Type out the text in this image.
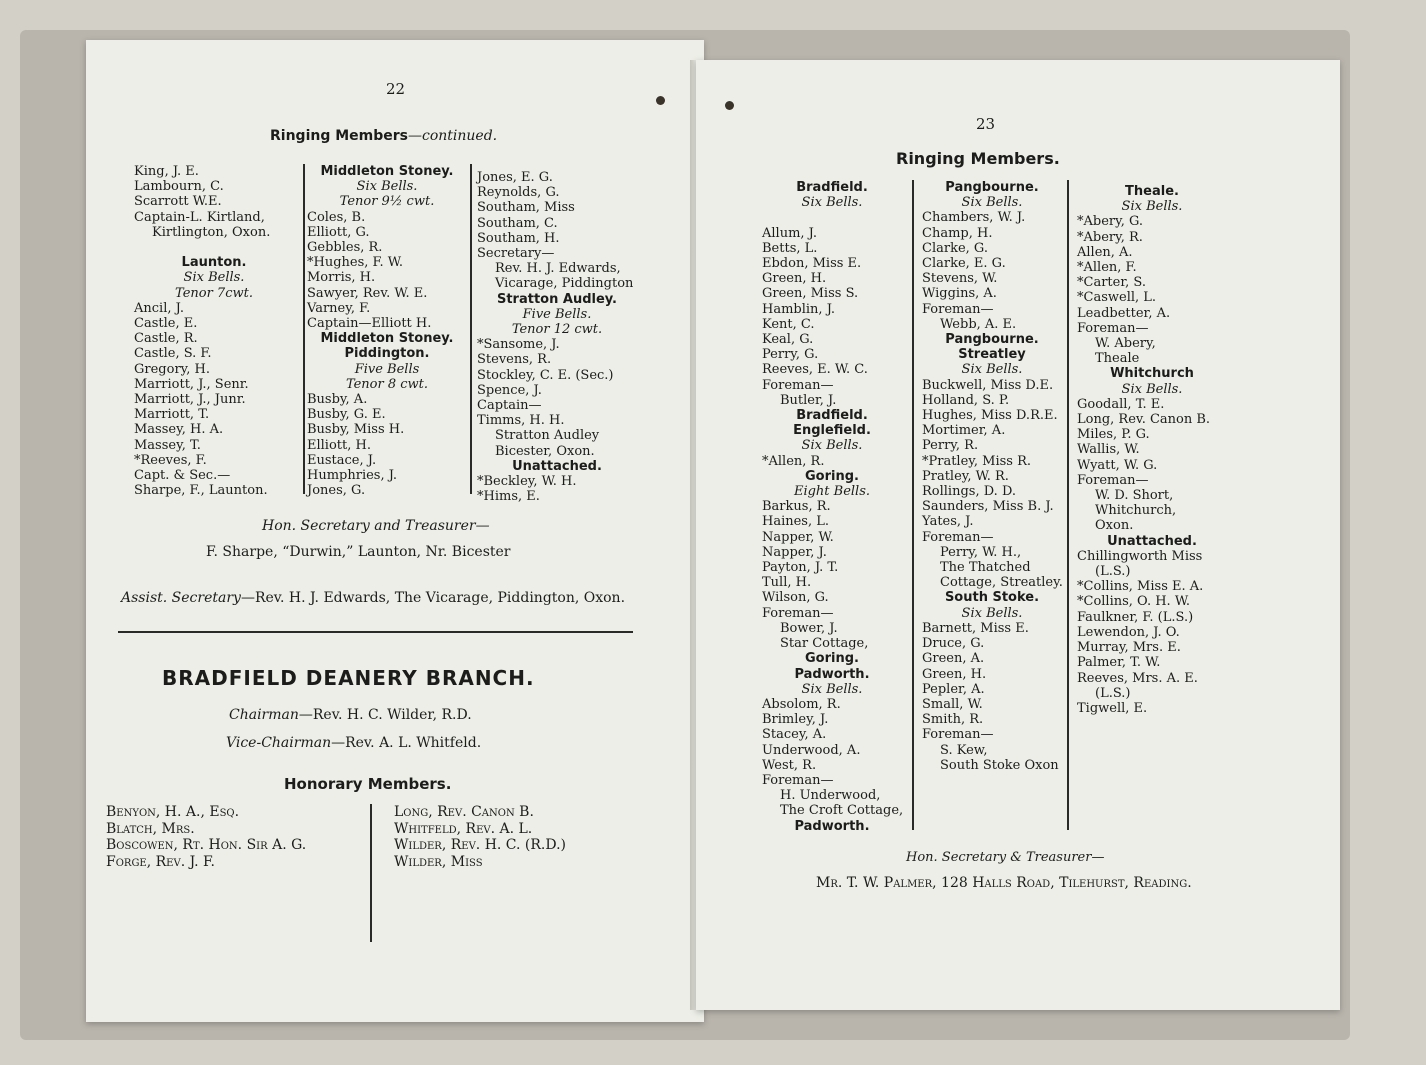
22
Ringing Members—continued.
King, J. E.
Lambourn, C.
Scarrott W.E.
Captain-L. Kirtland,
Kirtlington, Oxon.

Launton.
Six Bells.
Tenor 7cwt.
Ancil, J.
Castle, E.
Castle, R.
Castle, S. F.
Gregory, H.
Marriott, J., Senr.
Marriott, J., Junr.
Marriott, T.
Massey, H. A.
Massey, T.
*Reeves, F.
Capt. & Sec.—
Sharpe, F., Launton.
Middleton Stoney.
Six Bells.
Tenor 9½ cwt.
Coles, B.
Elliott, G.
Gebbles, R.
*Hughes, F. W.
Morris, H.
Sawyer, Rev. W. E.
Varney, F.
Captain—Elliott H.
Middleton Stoney.
Piddington.
Five Bells
Tenor 8 cwt.
Busby, A.
Busby, G. E.
Busby, Miss H.
Elliott, H.
Eustace, J.
Humphries, J.
Jones, G.
Jones, E. G.
Reynolds, G.
Southam, Miss
Southam, C.
Southam, H.
Secretary—
Rev. H. J. Edwards,
Vicarage, Piddington
Stratton Audley.
Five Bells.
Tenor 12 cwt.
*Sansome, J.
Stevens, R.
Stockley, C. E. (Sec.)
Spence, J.
Captain—
Timms, H. H.
Stratton Audley
Bicester, Oxon.
Unattached.
*Beckley, W. H.
*Hims, E.
Hon. Secretary and Treasurer—
F. Sharpe, “Durwin,” Launton, Nr. Bicester
Assist. Secretary—Rev. H. J. Edwards, The Vicarage, Piddington, Oxon.
BRADFIELD DEANERY BRANCH.
Chairman—Rev. H. C. Wilder, R.D.
Vice-Chairman—Rev. A. L. Whitfeld.
Honorary Members.
Benyon, H. A., Esq.
Blatch, Mrs.
Boscowen, Rt. Hon. Sir A. G.
Forge, Rev. J. F.
Long, Rev. Canon B.
Whitfeld, Rev. A. L.
Wilder, Rev. H. C. (R.D.)
Wilder, Miss
23
Ringing Members.
Bradfield.
Six Bells.

Allum, J.
Betts, L.
Ebdon, Miss E.
Green, H.
Green, Miss S.
Hamblin, J.
Kent, C.
Keal, G.
Perry, G.
Reeves, E. W. C.
Foreman—
Butler, J.
Bradfield.
Englefield.
Six Bells.
*Allen, R.
Goring.
Eight Bells.
Barkus, R.
Haines, L.
Napper, W.
Napper, J.
Payton, J. T.
Tull, H.
Wilson, G.
Foreman—
Bower, J.
Star Cottage,
Goring.
Padworth.
Six Bells.
Absolom, R.
Brimley, J.
Stacey, A.
Underwood, A.
West, R.
Foreman—
H. Underwood,
The Croft Cottage,
Padworth.
Pangbourne.
Six Bells.
Chambers, W. J.
Champ, H.
Clarke, G.
Clarke, E. G.
Stevens, W.
Wiggins, A.
Foreman—
Webb, A. E.
Pangbourne.
Streatley
Six Bells.
Buckwell, Miss D.E.
Holland, S. P.
Hughes, Miss D.R.E.
Mortimer, A.
Perry, R.
*Pratley, Miss R.
Pratley, W. R.
Rollings, D. D.
Saunders, Miss B. J.
Yates, J.
Foreman—
Perry, W. H.,
The Thatched
Cottage, Streatley.
South Stoke.
Six Bells.
Barnett, Miss E.
Druce, G.
Green, A.
Green, H.
Pepler, A.
Small, W.
Smith, R.
Foreman—
S. Kew,
South Stoke Oxon
Theale.
Six Bells.
*Abery, G.
*Abery, R.
Allen, A.
*Allen, F.
*Carter, S.
*Caswell, L.
Leadbetter, A.
Foreman—
W. Abery,
Theale
Whitchurch
Six Bells.
Goodall, T. E.
Long, Rev. Canon B.
Miles, P. G.
Wallis, W.
Wyatt, W. G.
Foreman—
W. D. Short,
Whitchurch,
Oxon.
Unattached.
Chillingworth Miss
(L.S.)
*Collins, Miss E. A.
*Collins, O. H. W.
Faulkner, F. (L.S.)
Lewendon, J. O.
Murray, Mrs. E.
Palmer, T. W.
Reeves, Mrs. A. E.
(L.S.)
Tigwell, E.
Hon. Secretary & Treasurer—
Mr. T. W. Palmer, 128 Halls Road, Tilehurst, Reading.
